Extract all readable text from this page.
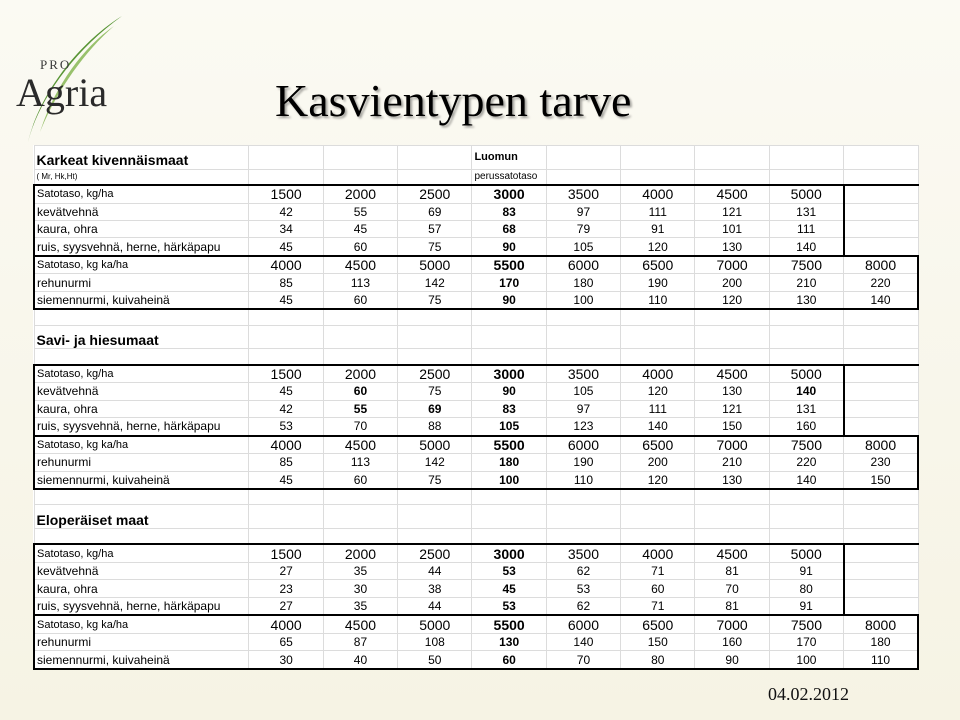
PRO
Agria	Kasvientypen tarve
Karkeat kivennäismaat				Luomun					
( Mr, Hk,Ht)				perussatotaso					
Satotaso, kg/ha	1500	2000	2500	3000	3500	4000	4500	5000	
kevätvehnä	42	55	69	83	97	111	121	131	
kaura, ohra	34	45	57	68	79	91	101	111	
ruis, syysvehnä, herne, härkäpapu	45	60	75	90	105	120	130	140	
Satotaso, kg ka/ha	4000	4500	5000	5500	6000	6500	7000	7500	8000
rehunurmi	85	113	142	170	180	190	200	210	220
siemennurmi, kuivaheinä	45	60	75	90	100	110	120	130	140

Savi- ja hiesumaat									

Satotaso, kg/ha	1500	2000	2500	3000	3500	4000	4500	5000	
kevätvehnä	45	60	75	90	105	120	130	140	
kaura, ohra	42	55	69	83	97	111	121	131	
ruis, syysvehnä, herne, härkäpapu	53	70	88	105	123	140	150	160	
Satotaso, kg ka/ha	4000	4500	5000	5500	6000	6500	7000	7500	8000
rehunurmi	85	113	142	180	190	200	210	220	230
siemennurmi, kuivaheinä	45	60	75	100	110	120	130	140	150

Eloperäiset maat									

Satotaso, kg/ha	1500	2000	2500	3000	3500	4000	4500	5000	
kevätvehnä	27	35	44	53	62	71	81	91	
kaura, ohra	23	30	38	45	53	60	70	80	
ruis, syysvehnä, herne, härkäpapu	27	35	44	53	62	71	81	91	
Satotaso, kg ka/ha	4000	4500	5000	5500	6000	6500	7000	7500	8000
rehunurmi	65	87	108	130	140	150	160	170	180
siemennurmi, kuivaheinä	30	40	50	60	70	80	90	100	110
04.02.2012
